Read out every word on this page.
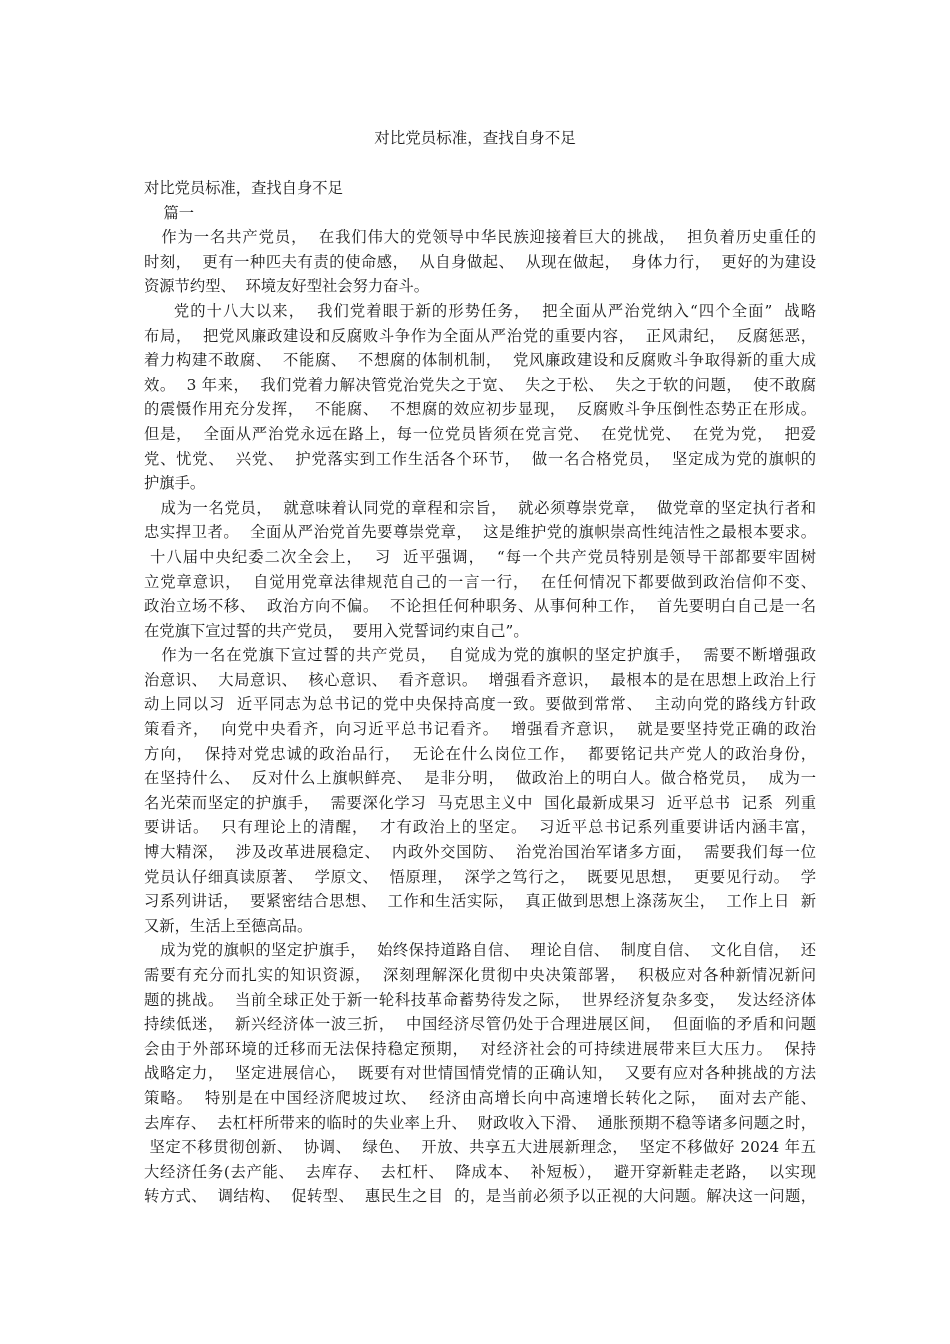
对比党员标准，查找自身不足
对比党员标准，查找自身不足
篇一
作为一名共产党员，  在我们伟大的党领导中华民族迎接着巨大的挑战，  担负着历史重任的
时刻，  更有一种匹夫有责的使命感，  从自身做起、  从现在做起，  身体力行，  更好的为建设
资源节约型、  环境友好型社会努力奋斗。
党的十八大以来，  我们党着眼于新的形势任务，  把全面从严治党纳入“四个全面”  战略
布局，  把党风廉政建设和反腐败斗争作为全面从严治党的重要内容，  正风肃纪，  反腐惩恶，
着力构建不敢腐、  不能腐、  不想腐的体制机制，  党风廉政建设和反腐败斗争取得新的重大成
效。  3 年来，  我们党着力解决管党治党失之于宽、  失之于松、  失之于软的问题，  使不敢腐
的震慑作用充分发挥，  不能腐、  不想腐的效应初步显现，  反腐败斗争压倒性态势正在形成。
但是，  全面从严治党永远在路上，每一位党员皆须在党言党、  在党忧党、  在党为党，  把爱
党、忧党、  兴党、  护党落实到工作生活各个环节，  做一名合格党员，  坚定成为党的旗帜的
护旗手。
成为一名党员，  就意味着认同党的章程和宗旨，  就必须尊崇党章，  做党章的坚定执行者和
忠实捍卫者。  全面从严治党首先要尊崇党章，  这是维护党的旗帜崇高性纯洁性之最根本要求。
十八届中央纪委二次全会上，  习  近平强调，  “每一个共产党员特别是领导干部都要牢固树
立党章意识，  自觉用党章法律规范自己的一言一行，  在任何情况下都要做到政治信仰不变、
政治立场不移、  政治方向不偏。  不论担任何种职务、从事何种工作，  首先要明白自己是一名
在党旗下宣过誓的共产党员，  要用入党誓词约束自己”。
作为一名在党旗下宣过誓的共产党员，  自觉成为党的旗帜的坚定护旗手，  需要不断增强政
治意识、  大局意识、  核心意识、  看齐意识。  增强看齐意识，  最根本的是在思想上政治上行
动上同以习  近平同志为总书记的党中央保持高度一致。要做到常常、  主动向党的路线方针政
策看齐，  向党中央看齐，向习近平总书记看齐。  增强看齐意识，  就是要坚持党正确的政治
方向，  保持对党忠诚的政治品行，  无论在什么岗位工作，  都要铭记共产党人的政治身份，
在坚持什么、  反对什么上旗帜鲜亮、  是非分明，  做政治上的明白人。做合格党员，  成为一
名光荣而坚定的护旗手，  需要深化学习  马克思主义中  国化最新成果习  近平总书  记系  列重
要讲话。  只有理论上的清醒，  才有政治上的坚定。  习近平总书记系列重要讲话内涵丰富，
博大精深，  涉及改革进展稳定、  内政外交国防、  治党治国治军诸多方面，  需要我们每一位
党员认仔细真读原著、  学原文、  悟原理，  深学之笃行之，  既要见思想，  更要见行动。  学
习系列讲话，  要紧密结合思想、  工作和生活实际，  真正做到思想上涤荡灰尘，  工作上日  新
又新，生活上至德高品。
成为党的旗帜的坚定护旗手，  始终保持道路自信、  理论自信、  制度自信、  文化自信，  还
需要有充分而扎实的知识资源，  深刻理解深化贯彻中央决策部署，  积极应对各种新情况新问
题的挑战。  当前全球正处于新一轮科技革命蓄势待发之际，  世界经济复杂多变，  发达经济体
持续低迷，  新兴经济体一波三折，  中国经济尽管仍处于合理进展区间，  但面临的矛盾和问题
会由于外部环境的迁移而无法保持稳定预期，  对经济社会的可持续进展带来巨大压力。  保持
战略定力，  坚定进展信心，  既要有对世情国情党情的正确认知，  又要有应对各种挑战的方法
策略。  特别是在中国经济爬坡过坎、  经济由高增长向中高速增长转化之际，  面对去产能、
去库存、  去杠杆所带来的临时的失业率上升、  财政收入下滑、  通胀预期不稳等诸多问题之时，
坚定不移贯彻创新、  协调、  绿色、  开放、共享五大进展新理念，  坚定不移做好 2024 年五
大经济任务(去产能、  去库存、  去杠杆、  降成本、  补短板），  避开穿新鞋走老路，  以实现
转方式、  调结构、  促转型、  惠民生之目  的，是当前必须予以正视的大问题。解决这一问题，
